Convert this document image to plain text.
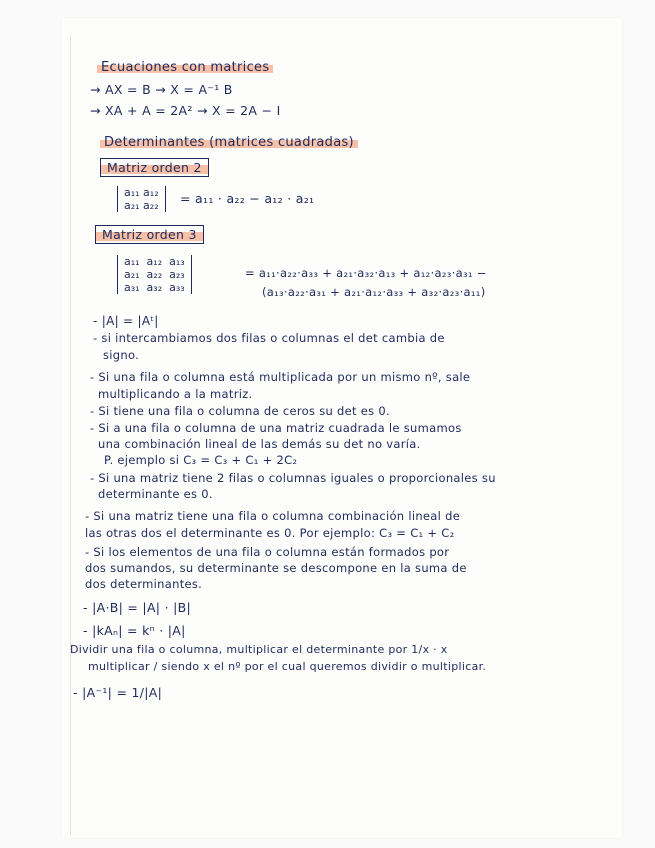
Ecuaciones con matrices
→ AX = B → X = A⁻¹ B
→ XA + A = 2A² → X = 2A − I
Determinantes (matrices cuadradas)
Matriz orden 2
a₁₁ a₁₂
a₂₁ a₂₂	= a₁₁ · a₂₂ − a₁₂ · a₂₁
Matriz orden 3
a₁₁  a₁₂  a₁₃
a₂₁  a₂₂  a₂₃
a₃₁  a₃₂  a₃₃
= a₁₁·a₂₂·a₃₃ + a₂₁·a₃₂·a₁₃ + a₁₂·a₂₃·a₃₁ −
(a₁₃·a₂₂·a₃₁ + a₂₁·a₁₂·a₃₃ + a₃₂·a₂₃·a₁₁)
- |A| = |Aᵗ|
- si intercambiamos dos filas o columnas el det cambia de
signo.
- Si una fila o columna está multiplicada por un mismo nº, sale
multiplicando a la matriz.
- Si tiene una fila o columna de ceros su det es 0.
- Si a una fila o columna de una matriz cuadrada le sumamos
una combinación lineal de las demás su det no varía.
P. ejemplo si C₃ = C₃ + C₁ + 2C₂
- Si una matriz tiene 2 filas o columnas iguales o proporcionales su
determinante es 0.
- Si una matriz tiene una fila o columna combinación lineal de
las otras dos el determinante es 0. Por ejemplo: C₃ = C₁ + C₂
- Si los elementos de una fila o columna están formados por
dos sumandos, su determinante se descompone en la suma de
dos determinantes.
- |A·B| = |A| · |B|
- |kAₙ| = kⁿ · |A|
Dividir una fila o columna, multiplicar el determinante por 1/x · x
multiplicar / siendo x el nº por el cual queremos dividir o multiplicar.
- |A⁻¹| = 1/|A|
